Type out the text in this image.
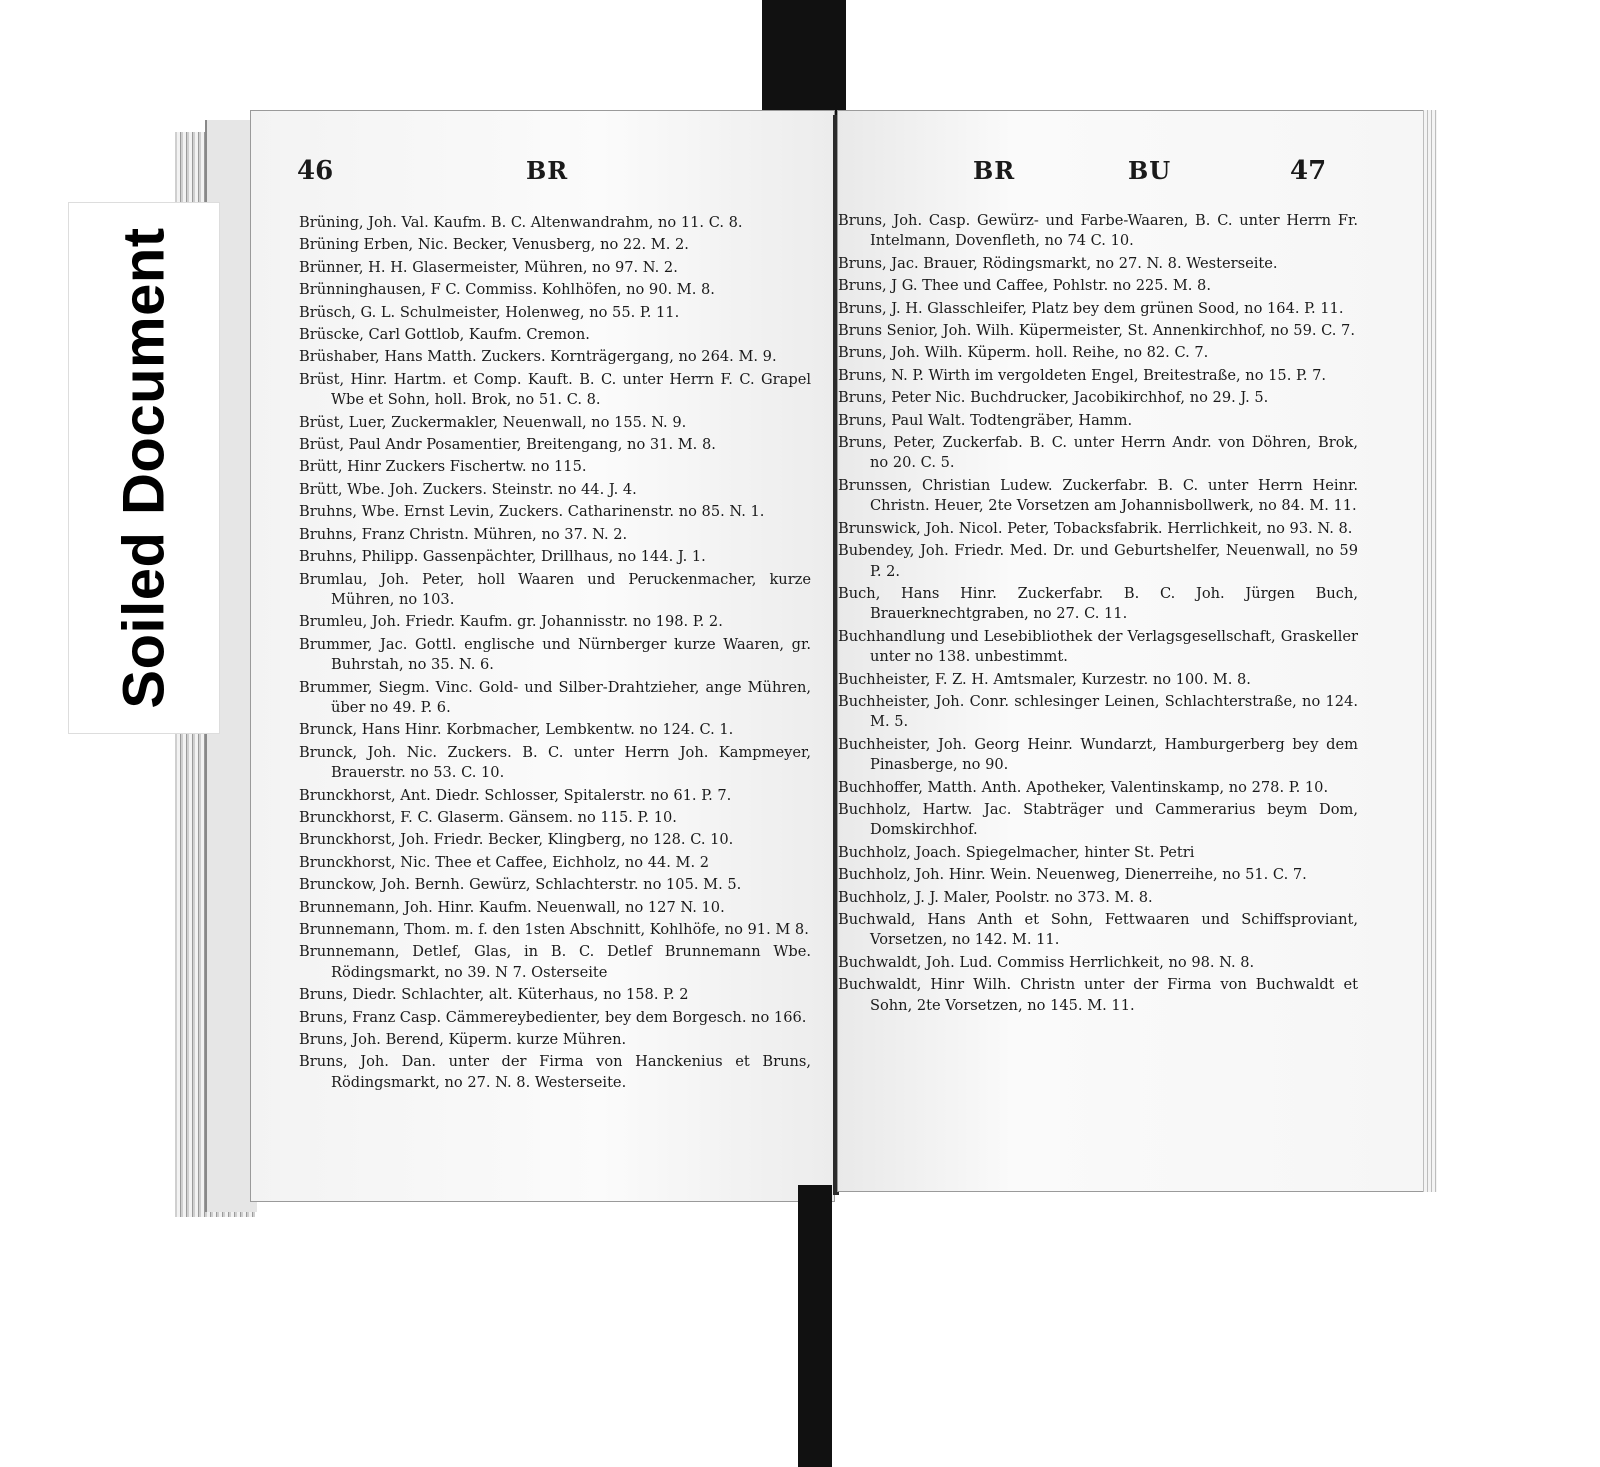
Soiled Document
46	BR
Brüning, Joh. Val. Kaufm. B. C. Altenwandrahm, no 11. C. 8.
Brüning Erben, Nic. Becker, Venusberg, no 22. M. 2.
Brünner, H. H. Glasermeister, Mühren, no 97. N. 2.
Brünninghausen, F C. Commiss. Kohlhöfen, no 90. M. 8.
Brüsch, G. L. Schulmeister, Holenweg, no 55. P. 11.
Brüscke, Carl Gottlob, Kaufm. Cremon.
Brüshaber, Hans Matth. Zuckers. Kornträgergang, no 264. M. 9.
Brüst, Hinr. Hartm. et Comp. Kauft. B. C. unter Herrn F. C. Grapel Wbe et Sohn, holl. Brok, no 51. C. 8.
Brüst, Luer, Zuckermakler, Neuenwall, no 155. N. 9.
Brüst, Paul Andr Posamentier, Breitengang, no 31. M. 8.
Brütt, Hinr Zuckers Fischertw. no 115.
Brütt, Wbe. Joh. Zuckers. Steinstr. no 44. J. 4.
Bruhns, Wbe. Ernst Levin, Zuckers. Catharinenstr. no 85. N. 1.
Bruhns, Franz Christn. Mühren, no 37. N. 2.
Bruhns, Philipp. Gassenpächter, Drillhaus, no 144. J. 1.
Brumlau, Joh. Peter, holl Waaren und Peruckenmacher, kurze Mühren, no 103.
Brumleu, Joh. Friedr. Kaufm. gr. Johannisstr. no 198. P. 2.
Brummer, Jac. Gottl. englische und Nürnberger kurze Waaren, gr. Buhrstah, no 35. N. 6.
Brummer, Siegm. Vinc. Gold- und Silber-Drahtzieher, ange Mühren, über no 49. P. 6.
Brunck, Hans Hinr. Korbmacher, Lembkentw. no 124. C. 1.
Brunck, Joh. Nic. Zuckers. B. C. unter Herrn Joh. Kampmeyer, Brauerstr. no 53. C. 10.
Brunckhorst, Ant. Diedr. Schlosser, Spitalerstr. no 61. P. 7.
Brunckhorst, F. C. Glaserm. Gänsem. no 115. P. 10.
Brunckhorst, Joh. Friedr. Becker, Klingberg, no 128. C. 10.
Brunckhorst, Nic. Thee et Caffee, Eichholz, no 44. M. 2
Brunckow, Joh. Bernh. Gewürz, Schlachterstr. no 105. M. 5.
Brunnemann, Joh. Hinr. Kaufm. Neuenwall, no 127 N. 10.
Brunnemann, Thom. m. f. den 1sten Abschnitt, Kohlhöfe, no 91. M 8.
Brunnemann, Detlef, Glas, in B. C. Detlef Brunnemann Wbe. Rödingsmarkt, no 39. N 7. Osterseite
Bruns, Diedr. Schlachter, alt. Küterhaus, no 158. P. 2
Bruns, Franz Casp. Cämmereybedienter, bey dem Borgesch. no 166.
Bruns, Joh. Berend, Küperm. kurze Mühren.
Bruns, Joh. Dan. unter der Firma von Hanckenius et Bruns, Rödingsmarkt, no 27. N. 8. Westerseite.
BR	BU	47
Bruns, Joh. Casp. Gewürz- und Farbe-Waaren, B. C. unter Herrn Fr. Intelmann, Dovenfleth, no 74 C. 10.
Bruns, Jac. Brauer, Rödingsmarkt, no 27. N. 8. Westerseite.
Bruns, J G. Thee und Caffee, Pohlstr. no 225. M. 8.
Bruns, J. H. Glasschleifer, Platz bey dem grünen Sood, no 164. P. 11.
Bruns Senior, Joh. Wilh. Küpermeister, St. Annenkirchhof, no 59. C. 7.
Bruns, Joh. Wilh. Küperm. holl. Reihe, no 82. C. 7.
Bruns, N. P. Wirth im vergoldeten Engel, Breitestraße, no 15. P. 7.
Bruns, Peter Nic. Buchdrucker, Jacobikirchhof, no 29. J. 5.
Bruns, Paul Walt. Todtengräber, Hamm.
Bruns, Peter, Zuckerfab. B. C. unter Herrn Andr. von Döhren, Brok, no 20. C. 5.
Brunssen, Christian Ludew. Zuckerfabr. B. C. unter Herrn Heinr. Christn. Heuer, 2te Vorsetzen am Johannisbollwerk, no 84. M. 11.
Brunswick, Joh. Nicol. Peter, Tobacksfabrik. Herrlichkeit, no 93. N. 8.
Bubendey, Joh. Friedr. Med. Dr. und Geburtshelfer, Neuenwall, no 59 P. 2.
Buch, Hans Hinr. Zuckerfabr. B. C. Joh. Jürgen Buch, Brauerknechtgraben, no 27. C. 11.
Buchhandlung und Lesebibliothek der Verlagsgesellschaft, Graskeller unter no 138. unbestimmt.
Buchheister, F. Z. H. Amtsmaler, Kurzestr. no 100. M. 8.
Buchheister, Joh. Conr. schlesinger Leinen, Schlachterstraße, no 124. M. 5.
Buchheister, Joh. Georg Heinr. Wundarzt, Hamburgerberg bey dem Pinasberge, no 90.
Buchhoffer, Matth. Anth. Apotheker, Valentinskamp, no 278. P. 10.
Buchholz, Hartw. Jac. Stabträger und Cammerarius beym Dom, Domskirchhof.
Buchholz, Joach. Spiegelmacher, hinter St. Petri
Buchholz, Joh. Hinr. Wein. Neuenweg, Dienerreihe, no 51. C. 7.
Buchholz, J. J. Maler, Poolstr. no 373. M. 8.
Buchwald, Hans Anth et Sohn, Fettwaaren und Schiffsproviant, Vorsetzen, no 142. M. 11.
Buchwaldt, Joh. Lud. Commiss Herrlichkeit, no 98. N. 8.
Buchwaldt, Hinr Wilh. Christn unter der Firma von Buchwaldt et Sohn, 2te Vorsetzen, no 145. M. 11.
